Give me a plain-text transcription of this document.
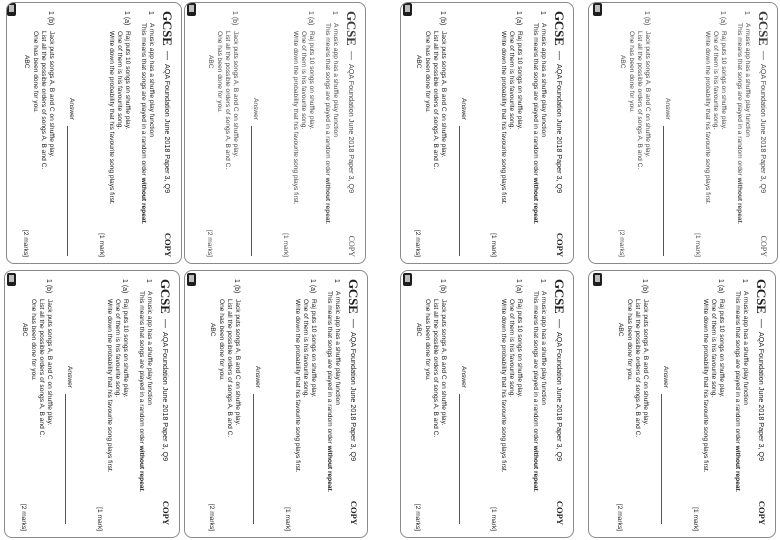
GCSE
—
AQA Foundation June 2018 Paper 3, Q9
COPY
1
A music app has a shuffle play function
This means that songs are played in a random order without repeat.
1 (a)
Raj puts 10 songs on shuffle play.
One of them is his favourite song.
Write down the probability that his favourite song plays first.
[1 mark]
Answer
1 (b)
Jack puts songs A, B and C on shuffle play.
List all the possible orders of songs A, B and C.
One has been done for you.
ABC
[2 marks]
GCSE
—
AQA Foundation June 2018 Paper 3, Q9
COPY
1
A music app has a shuffle play function
This means that songs are played in a random order without repeat.
1 (a)
Raj puts 10 songs on shuffle play.
One of them is his favourite song.
Write down the probability that his favourite song plays first.
[1 mark]
Answer
1 (b)
Jack puts songs A, B and C on shuffle play.
List all the possible orders of songs A, B and C.
One has been done for you.
ABC
[2 marks]
GCSE
—
AQA Foundation June 2018 Paper 3, Q9
COPY
1
A music app has a shuffle play function
This means that songs are played in a random order without repeat.
1 (a)
Raj puts 10 songs on shuffle play.
One of them is his favourite song.
Write down the probability that his favourite song plays first.
[1 mark]
Answer
1 (b)
Jack puts songs A, B and C on shuffle play.
List all the possible orders of songs A, B and C.
One has been done for you.
ABC
[2 marks]
GCSE
—
AQA Foundation June 2018 Paper 3, Q9
COPY
1
A music app has a shuffle play function
This means that songs are played in a random order without repeat.
1 (a)
Raj puts 10 songs on shuffle play.
One of them is his favourite song.
Write down the probability that his favourite song plays first.
[1 mark]
Answer
1 (b)
Jack puts songs A, B and C on shuffle play.
List all the possible orders of songs A, B and C.
One has been done for you.
ABC
[2 marks]
GCSE
—
AQA Foundation June 2018 Paper 3, Q9
COPY
1
A music app has a shuffle play function
This means that songs are played in a random order without repeat.
1 (a)
Raj puts 10 songs on shuffle play.
One of them is his favourite song.
Write down the probability that his favourite song plays first.
[1 mark]
Answer
1 (b)
Jack puts songs A, B and C on shuffle play.
List all the possible orders of songs A, B and C.
One has been done for you.
ABC
[2 marks]
GCSE
—
AQA Foundation June 2018 Paper 3, Q9
COPY
1
A music app has a shuffle play function
This means that songs are played in a random order without repeat.
1 (a)
Raj puts 10 songs on shuffle play.
One of them is his favourite song.
Write down the probability that his favourite song plays first.
[1 mark]
Answer
1 (b)
Jack puts songs A, B and C on shuffle play.
List all the possible orders of songs A, B and C.
One has been done for you.
ABC
[2 marks]
GCSE
—
AQA Foundation June 2018 Paper 3, Q9
COPY
1
A music app has a shuffle play function
This means that songs are played in a random order without repeat.
1 (a)
Raj puts 10 songs on shuffle play.
One of them is his favourite song.
Write down the probability that his favourite song plays first.
[1 mark]
Answer
1 (b)
Jack puts songs A, B and C on shuffle play.
List all the possible orders of songs A, B and C.
One has been done for you.
ABC
[2 marks]
GCSE
—
AQA Foundation June 2018 Paper 3, Q9
COPY
1
A music app has a shuffle play function
This means that songs are played in a random order without repeat.
1 (a)
Raj puts 10 songs on shuffle play.
One of them is his favourite song.
Write down the probability that his favourite song plays first.
[1 mark]
Answer
1 (b)
Jack puts songs A, B and C on shuffle play.
List all the possible orders of songs A, B and C.
One has been done for you.
ABC
[2 marks]
